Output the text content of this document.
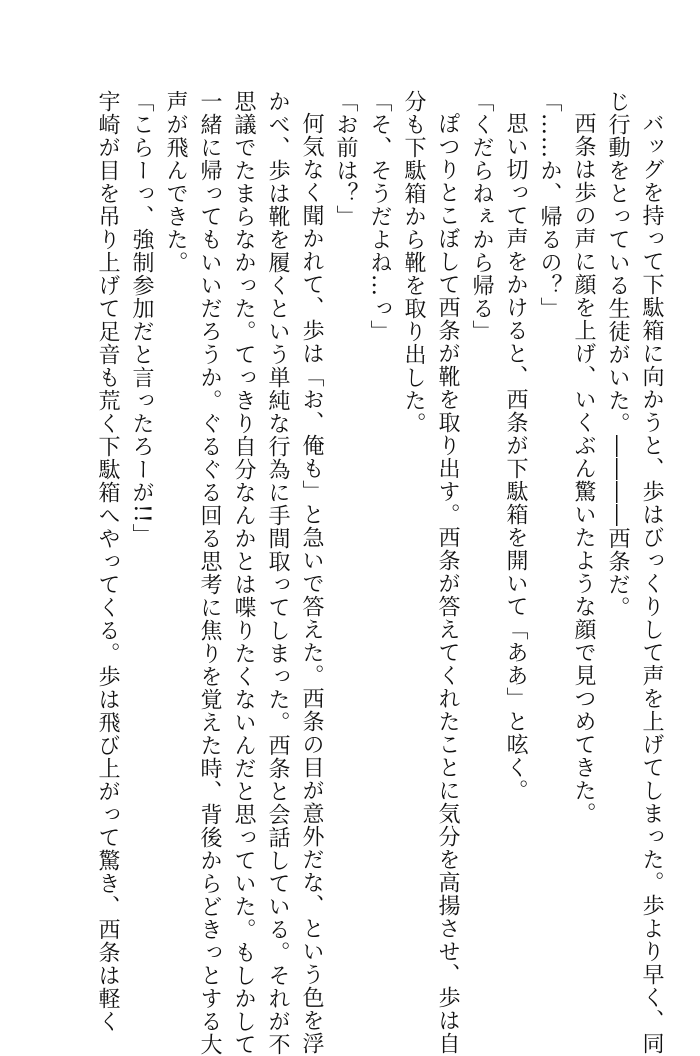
バッグを持って下駄箱に向かうと、歩はびっくりして声を上げてしまった。歩より早く、同
じ行動をとっている生徒がいた。――――西条だ。
西条は歩の声に顔を上げ、いくぶん驚いたような顔で見つめてきた。
「……か、帰るの？」
思い切って声をかけると、西条が下駄箱を開いて「ああ」と呟く。
「くだらねぇから帰る」
ぽつりとこぼして西条が靴を取り出す。西条が答えてくれたことに気分を高揚させ、歩は自
分も下駄箱から靴を取り出した。
「そ、そうだよね…っ」
「お前は？」
何気なく聞かれて、歩は「お、俺も」と急いで答えた。西条の目が意外だな、という色を浮
かべ、歩は靴を履くという単純な行為に手間取ってしまった。西条と会話している。それが不
思議でたまらなかった。てっきり自分なんかとは喋りたくないんだと思っていた。もしかして
一緒に帰ってもいいだろうか。ぐるぐる回る思考に焦りを覚えた時、背後からどきっとする大
声が飛んできた。
「こらーっ、強制参加だと言ったろーが!!」
宇崎が目を吊り上げて足音も荒く下駄箱へやってくる。歩は飛び上がって驚き、西条は軽く
